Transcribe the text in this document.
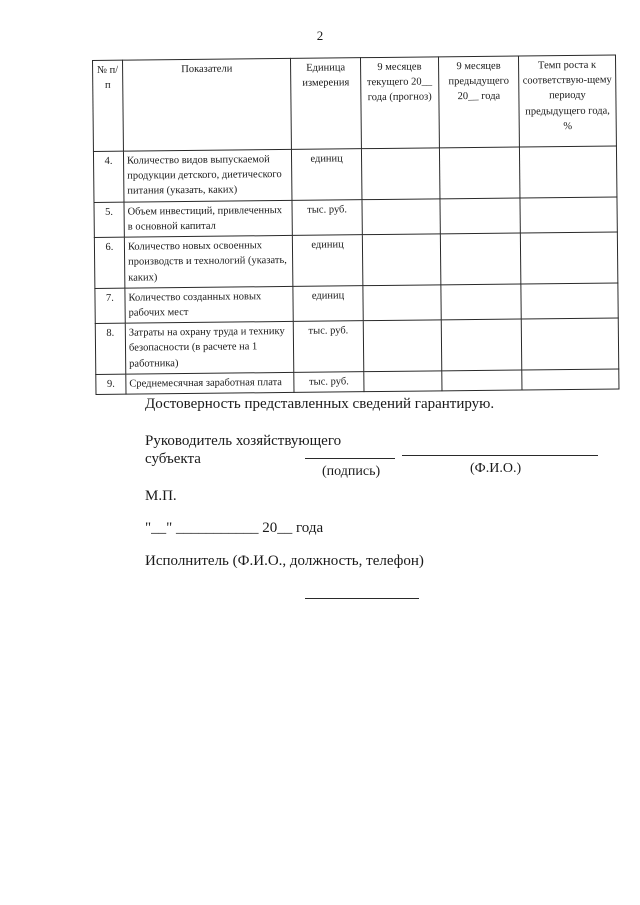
2
№ п/п	Показатели	Единица измерения	9 месяцев текущего 20__ года (прогноз)	9 месяцев предыдущего 20__ года	Темп роста к соответствую-щему периоду предыдущего года, %
4.	Количество видов выпускаемой продукции детского, диетического питания (указать, каких)	единиц			
5.	Объем инвестиций, привлеченных в основной капитал	тыс. руб.			
6.	Количество новых освоенных производств и технологий (указать, каких)	единиц			
7.	Количество созданных новых рабочих мест	единиц			
8.	Затраты на охрану труда и технику безопасности (в расчете на 1 работника)	тыс. руб.			
9.	Среднемесячная заработная плата	тыс. руб.			
Достоверность представленных сведений гарантирую.
Руководитель хозяйствующего
субъекта
(подпись)	(Ф.И.О.)
М.П.
"__" ___________ 20__ года
Исполнитель (Ф.И.О., должность, телефон)
